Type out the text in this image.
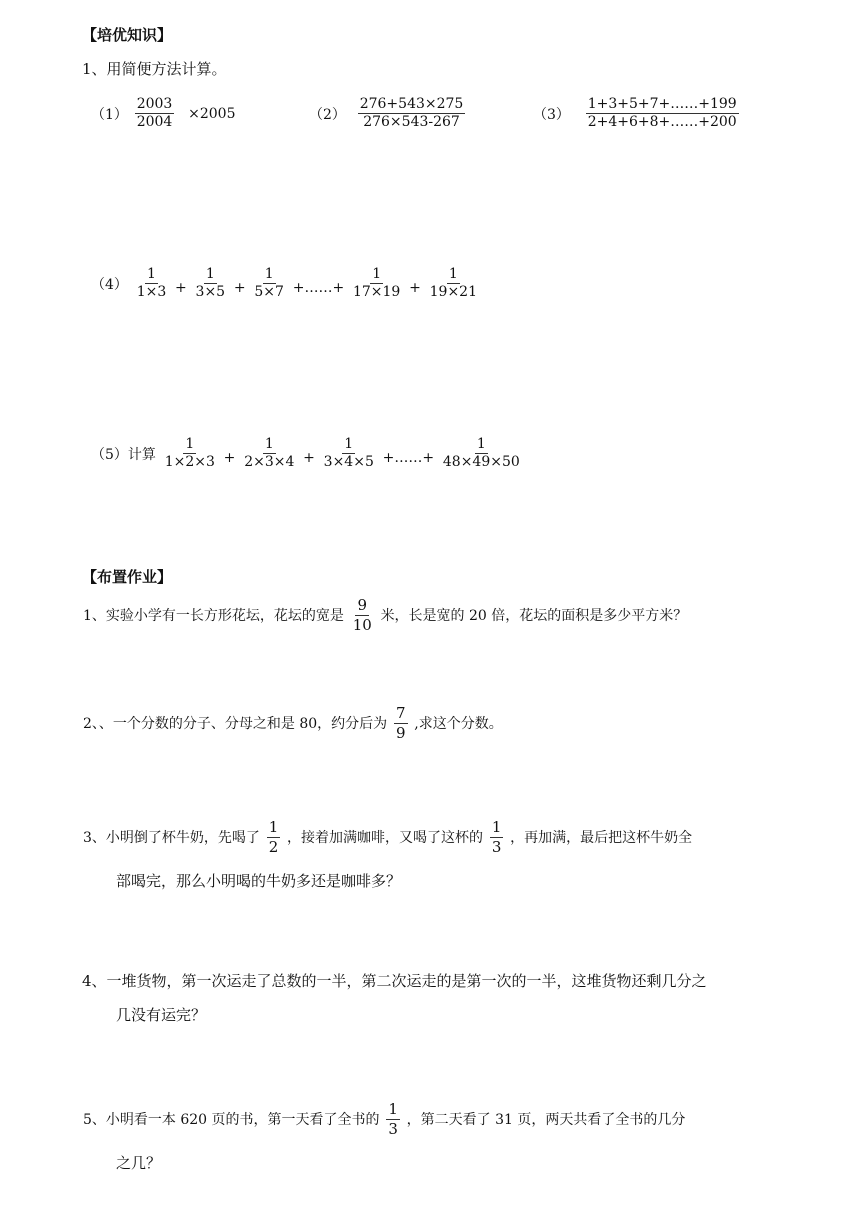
【培优知识】
1、用简便方法计算。
$(1) \frac{2003}{2004} \times 2005$	$(2) \frac{276+543\times 275}{276\times 543-267}$	$(3) \frac{1+3+5+7+\dots\dots+199}{2+4+6+8+\dots\dots+200}$
$(4) \frac{1}{1\times 3} + \frac{1}{3\times 5} + \frac{1}{5\times 7}$ +……+ $\frac{1}{17\times 19} + \frac{1}{19\times 21}$
（5）计算 $\frac{1}{1\times 2\times 3} + \frac{1}{2\times 3\times 4} + \frac{1}{3\times 4\times 5}$ +……+ $\frac{1}{48\times 49\times 50}$
【布置作业】
1、实验小学有一长方形花坛，花坛的宽是 $\frac{9}{10}$ 米，长是宽的 20 倍，花坛的面积是多少平方米？
2、、一个分数的分子、分母之和是 80，约分后为 $\frac{7}{9}$ ,求这个分数。
3、小明倒了杯牛奶，先喝了 $\frac{1}{2}$ ，接着加满咖啡，又喝了这杯的 $\frac{1}{3}$ ，再加满，最后把这杯牛奶全
部喝完，那么小明喝的牛奶多还是咖啡多？
4、一堆货物，第一次运走了总数的一半，第二次运走的是第一次的一半，这堆货物还剩几分之
几没有运完？
5、小明看一本 620 页的书，第一天看了全书的 $\frac{1}{3}$ ，第二天看了 31 页，两天共看了全书的几分
之几？
